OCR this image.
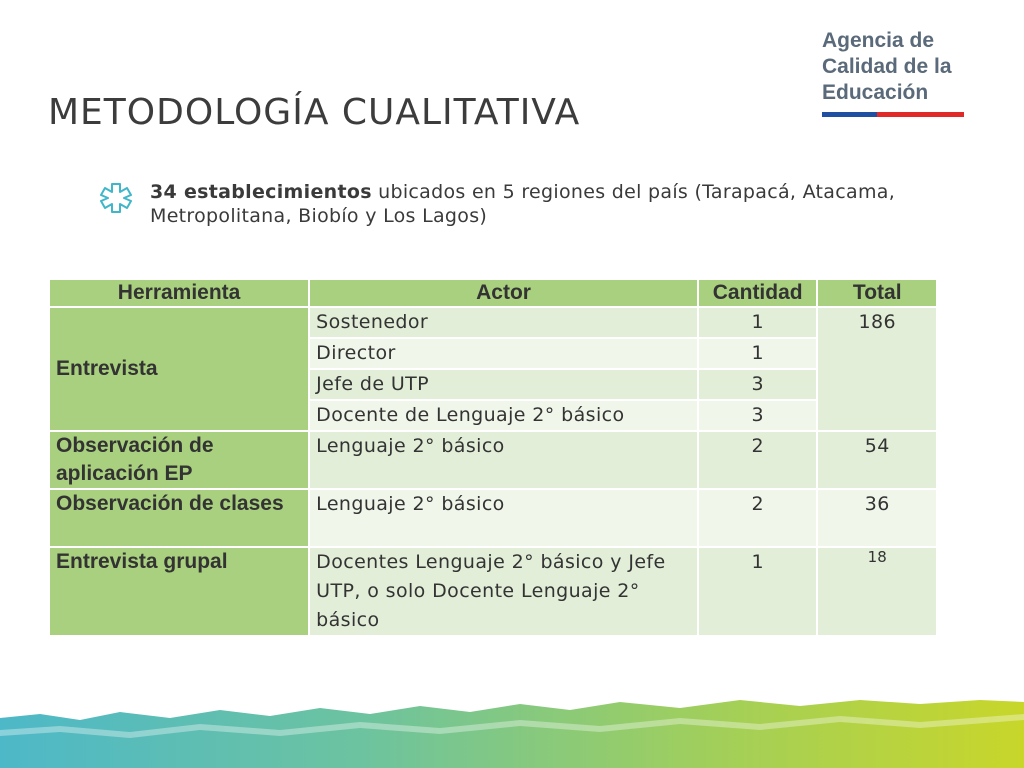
Agencia de
Calidad de la
Educación
METODOLOGÍA CUALITATIVA
34 establecimientos ubicados en 5 regiones del país (Tarapacá, Atacama, Metropolitana, Biobío y Los Lagos)
Herramienta	Actor	Cantidad	Total
Entrevista	Sostenedor	1	186
	Director	1	
	Jefe de UTP	3	
	Docente de Lenguaje 2° básico	3	
Observación de aplicación EP	Lenguaje 2° básico	2	54
Observación de clases	Lenguaje 2° básico	2	36
Entrevista grupal	Docentes Lenguaje 2° básico y Jefe UTP, o solo Docente Lenguaje 2° básico	1	18
